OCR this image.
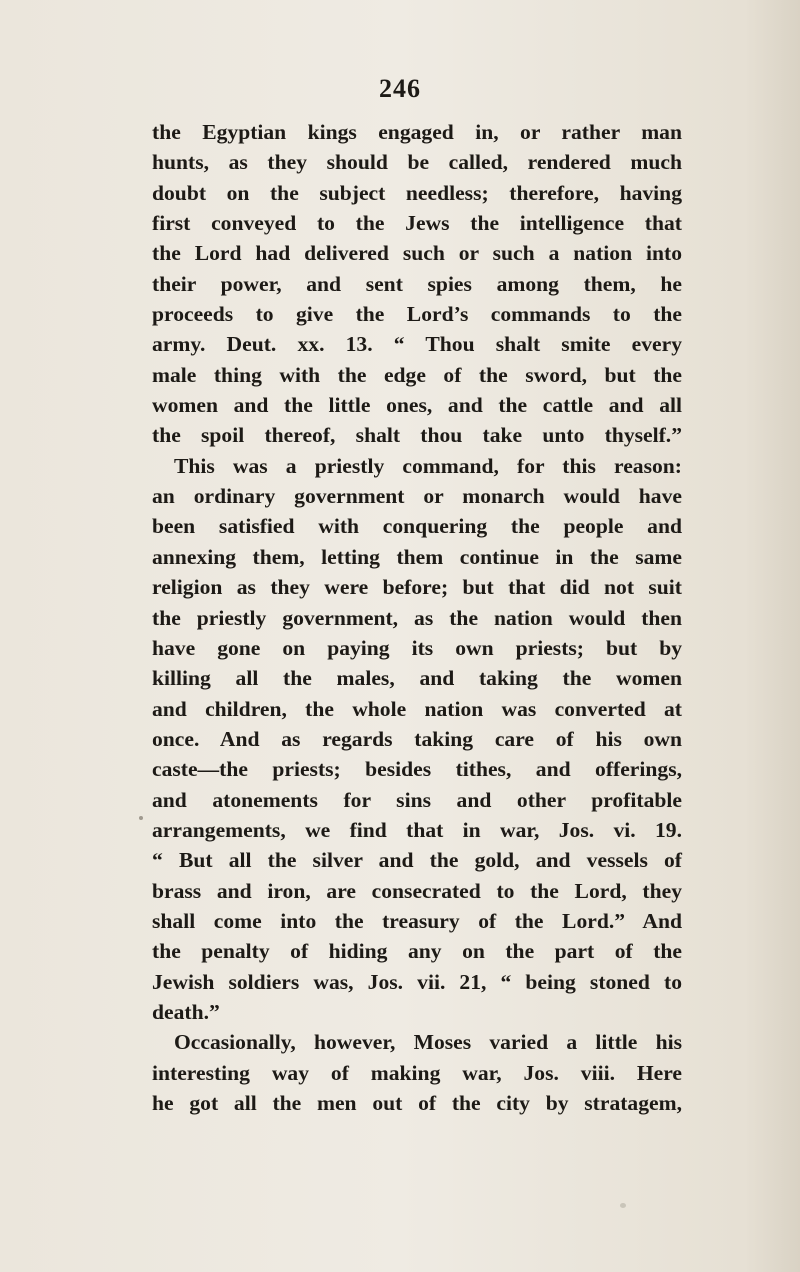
246

the Egyptian kings engaged in, or rather man

hunts, as they should be called, rendered much

doubt on the subject needless; therefore, having

first conveyed to the Jews the intelligence that

the Lord had delivered such or such a nation into

their power, and sent spies among them, he

proceeds to give the Lord’s commands to the

army. Deut. xx. 13. “ Thou shalt smite every

male thing with the edge of the sword, but the

women and the little ones, and the cattle and all

the spoil thereof, shalt thou take unto thyself.”

This was a priestly command, for this reason:

an ordinary government or monarch would have

been satisfied with conquering the people and

annexing them, letting them continue in the same

religion as they were before; but that did not suit

the priestly government, as the nation would then

have gone on paying its own priests; but by

killing all the males, and taking the women

and children, the whole nation was converted at

once. And as regards taking care of his own

caste—the priests; besides tithes, and offerings,

and atonements for sins and other profitable

arrangements, we find that in war, Jos. vi. 19.

“ But all the silver and the gold, and vessels of

brass and iron, are consecrated to the Lord, they

shall come into the treasury of the Lord.” And

the penalty of hiding any on the part of the

Jewish soldiers was, Jos. vii. 21, “ being stoned to

death.”

Occasionally, however, Moses varied a little his

interesting way of making war, Jos. viii. Here

he got all the men out of the city by stratagem,
